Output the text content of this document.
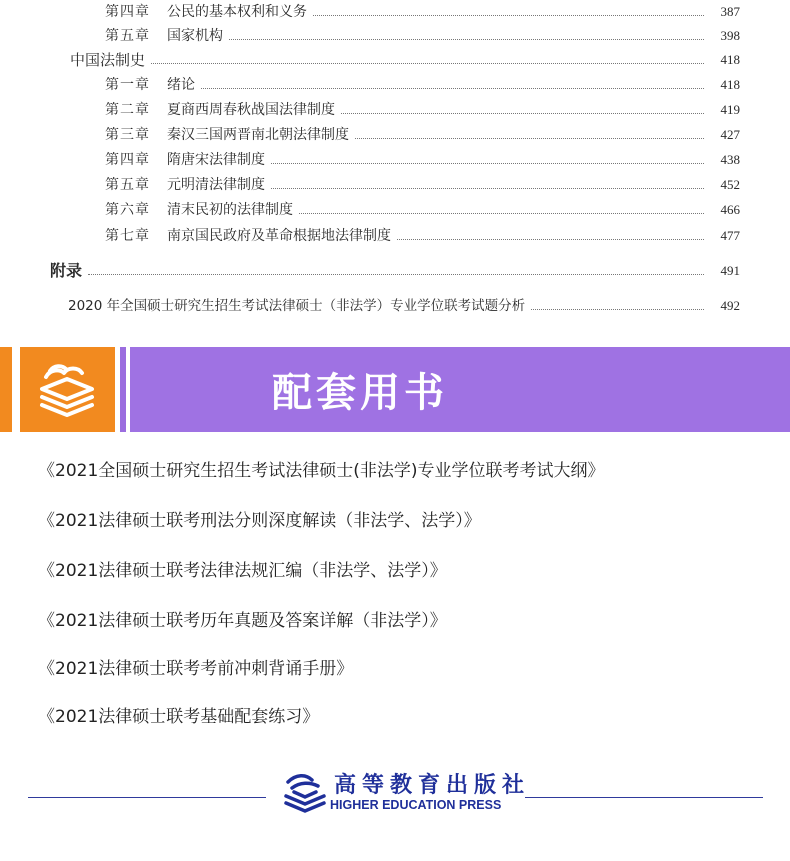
第四章	公民的基本权利和义务	387
第五章	国家机构	398
中国法制史	418
第一章	绪论	418
第二章	夏商西周春秋战国法律制度	419
第三章	秦汉三国两晋南北朝法律制度	427
第四章	隋唐宋法律制度	438
第五章	元明清法律制度	452
第六章	清末民初的法律制度	466
第七章	南京国民政府及革命根据地法律制度	477
附录	491
2020 年全国硕士研究生招生考试法律硕士（非法学）专业学位联考试题分析	492
配套用书
《2021全国硕士研究生招生考试法律硕士(非法学)专业学位联考考试大纲》
《2021法律硕士联考刑法分则深度解读（非法学、法学）》
《2021法律硕士联考法律法规汇编（非法学、法学）》
《2021法律硕士联考历年真题及答案详解（非法学）》
《2021法律硕士联考考前冲刺背诵手册》
《2021法律硕士联考基础配套练习》
高等教育出版社
HIGHER EDUCATION PRESS
